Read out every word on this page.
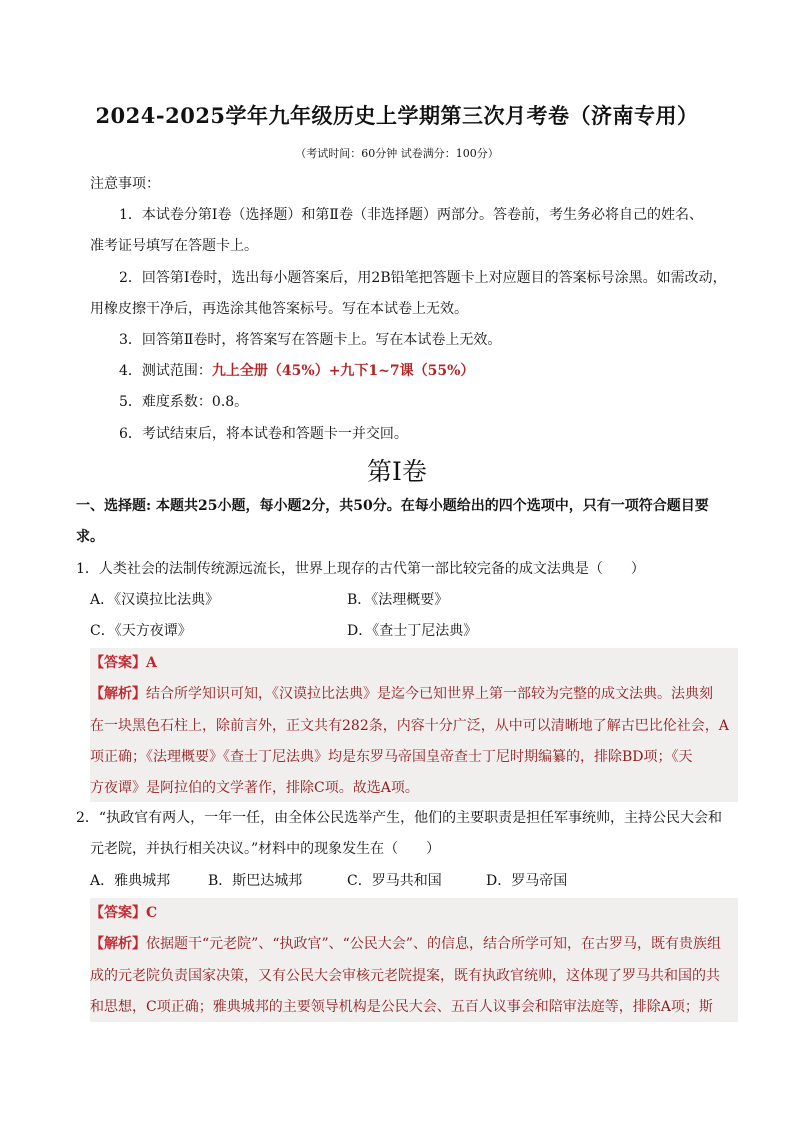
2024-2025学年九年级历史上学期第三次月考卷（济南专用）
（考试时间：60分钟 试卷满分：100分）
注意事项：
1．本试卷分第Ⅰ卷（选择题）和第Ⅱ卷（非选择题）两部分。答卷前，考生务必将自己的姓名、
准考证号填写在答题卡上。
2．回答第Ⅰ卷时，选出每小题答案后，用2B铅笔把答题卡上对应题目的答案标号涂黑。如需改动，
用橡皮擦干净后，再选涂其他答案标号。写在本试卷上无效。
3．回答第Ⅱ卷时，将答案写在答题卡上。写在本试卷上无效。
4．测试范围：九上全册（45%）+九下1~7课（55%）
5．难度系数：0.8。
6．考试结束后，将本试卷和答题卡一并交回。
第Ⅰ卷
一、选择题: 本题共25小题，每小题2分，共50分。在每小题给出的四个选项中，只有一项符合题目要
求。
1．人类社会的法制传统源远流长，世界上现存的古代第一部比较完备的成文法典是（　　）
A．《汉谟拉比法典》	B．《法理概要》
C．《天方夜谭》	D．《查士丁尼法典》
【答案】A
【解析】结合所学知识可知，《汉谟拉比法典》是迄今已知世界上第一部较为完整的成文法典。法典刻
在一块黑色石柱上，除前言外，正文共有282条，内容十分广泛，从中可以清晰地了解古巴比伦社会，A
项正确；《法理概要》《查士丁尼法典》均是东罗马帝国皇帝查士丁尼时期编纂的，排除BD项；《天
方夜谭》是阿拉伯的文学著作，排除C项。故选A项。
2．“执政官有两人，一年一任，由全体公民选举产生，他们的主要职责是担任军事统帅，主持公民大会和
元老院，并执行相关决议。”材料中的现象发生在（　　）
A．雅典城邦	B．斯巴达城邦	C．罗马共和国	D．罗马帝国
【答案】C
【解析】依据题干“元老院”、“执政官”、“公民大会”、的信息，结合所学可知，在古罗马，既有贵族组
成的元老院负责国家决策，又有公民大会审核元老院提案，既有执政官统帅，这体现了罗马共和国的共
和思想，C项正确；雅典城邦的主要领导机构是公民大会、五百人议事会和陪审法庭等，排除A项；斯
